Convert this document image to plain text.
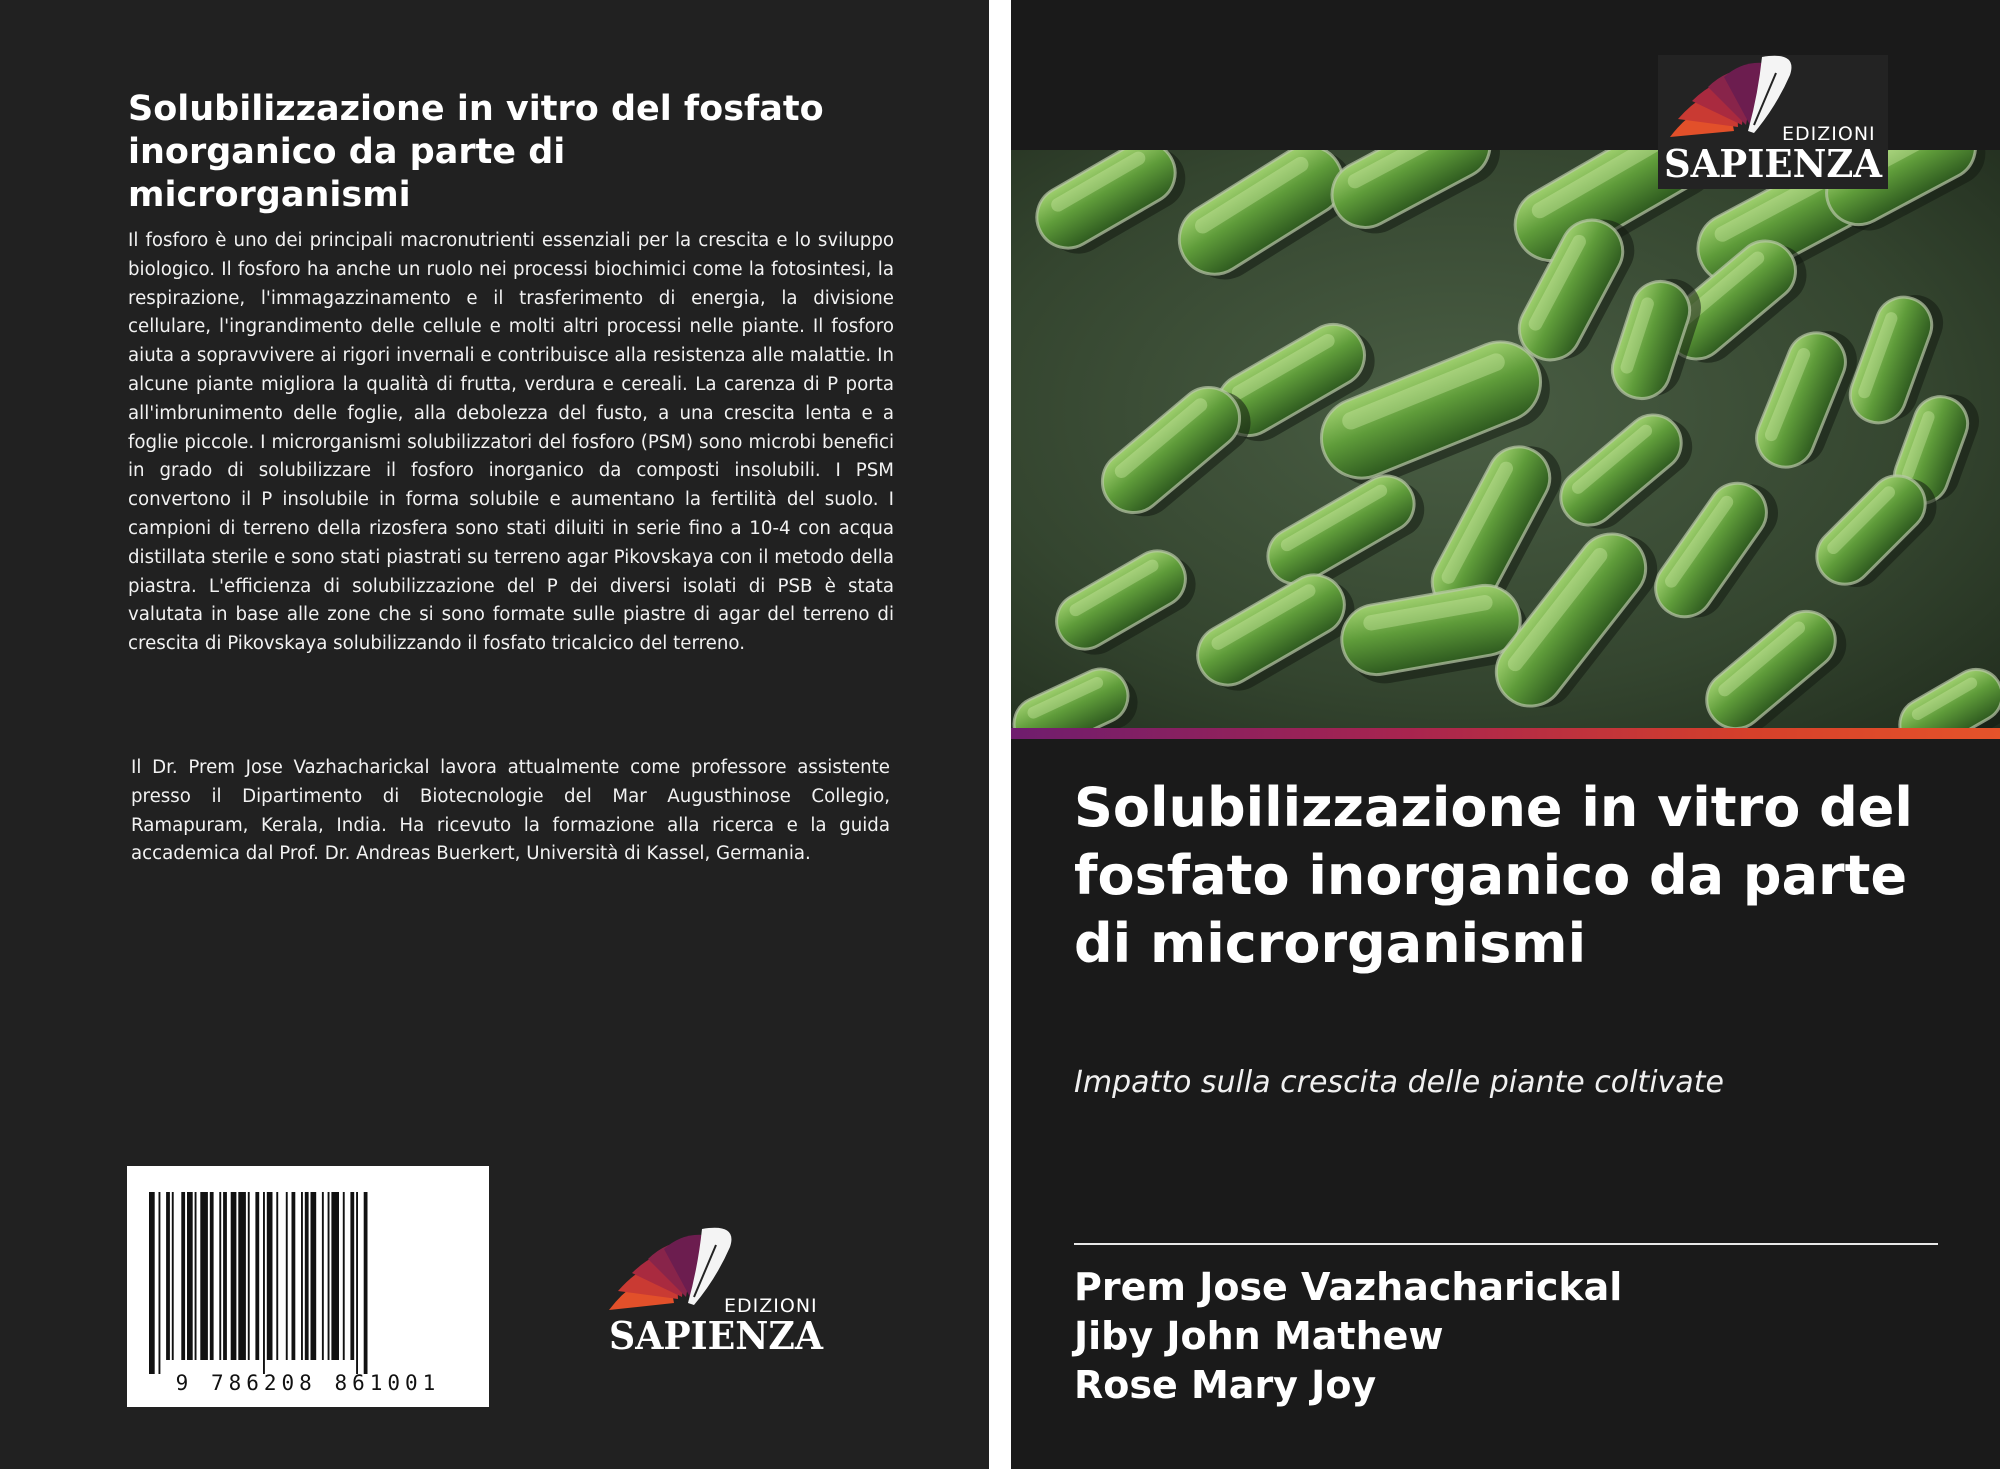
Solubilizzazione in vitro del fosfato inorganico da parte di microrganismi

Il fosforo è uno dei principali macronutrienti essenziali per la crescita e lo sviluppo biologico. Il fosforo ha anche un ruolo nei processi biochimici come la fotosintesi, la respirazione, l'immagazzinamento e il trasferimento di energia, la divisione cellulare, l'ingrandimento delle cellule e molti altri processi nelle piante. Il fosforo aiuta a sopravvivere ai rigori invernali e contribuisce alla resistenza alle malattie. In alcune piante migliora la qualità di frutta, verdura e cereali. La carenza di P porta all'imbrunimento delle foglie, alla debolezza del fusto, a una crescita lenta e a foglie piccole. I microrganismi solubilizzatori del fosforo (PSM) sono microbi benefici in grado di solubilizzare il fosforo inorganico da composti insolubili. I PSM convertono il P insolubile in forma solubile e aumentano la fertilità del suolo. I campioni di terreno della rizosfera sono stati diluiti in serie fino a 10-4 con acqua distillata sterile e sono stati piastrati su terreno agar Pikovskaya con il metodo della piastra. L'efficienza di solubilizzazione del P dei diversi isolati di PSB è stata valutata in base alle zone che si sono formate sulle piastre di agar del terreno di crescita di Pikovskaya solubilizzando il fosfato tricalcico del terreno.

Il Dr. Prem Jose Vazhacharickal lavora attualmente come professore assistente presso il Dipartimento di Biotecnologie del Mar Augusthinose Collegio, Ramapuram, Kerala, India. Ha ricevuto la formazione alla ricerca e la guida accademica dal Prof. Dr. Andreas Buerkert, Università di Kassel, Germania.

9 786208 861001
EDIZIONI
SAPIENZA
EDIZIONI
SAPIENZA
Solubilizzazione in vitro del fosfato inorganico da parte di microrganismi

Impatto sulla crescita delle piante coltivate

Prem Jose Vazhacharickal
Jiby John Mathew
Rose Mary Joy
